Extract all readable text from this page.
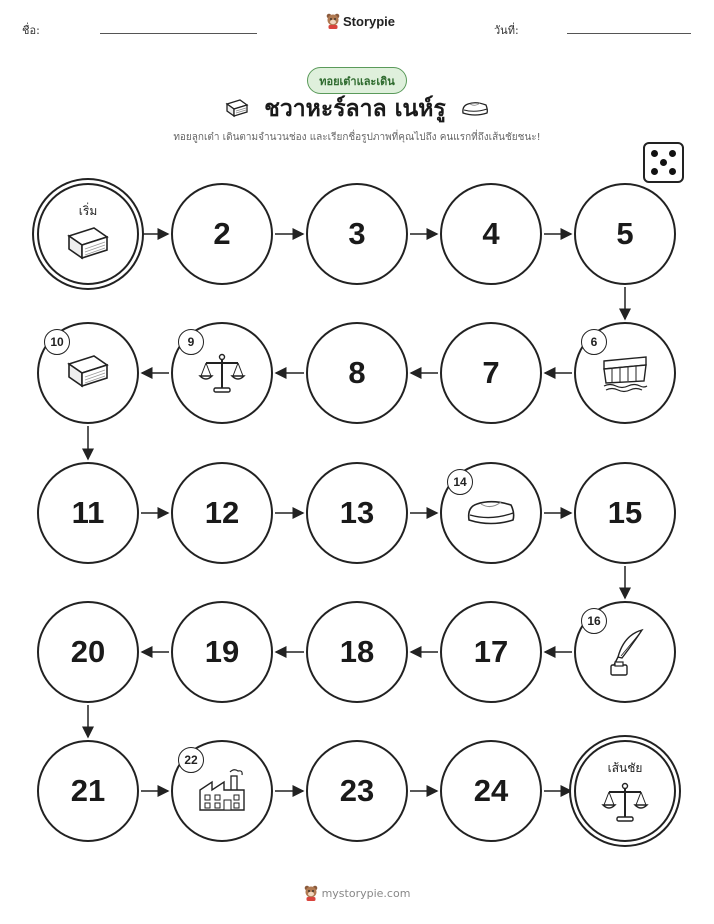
ชื่อ:
Storypie
วันที่:
ทอยเต๋าและเดิน
ชวาหะร์ลาล เนห์รู
ทอยลูกเต๋า เดินตามจำนวนช่อง และเรียกชื่อรูปภาพที่คุณไปถึง คนแรกที่ถึงเส้นชัยชนะ!
เริ่ม
2	3	4	5
6
7
8
9
10
11	12	13
14
15
16
17
18
19
20
21
22
23	24
เส้นชัย
mystorypie.com
